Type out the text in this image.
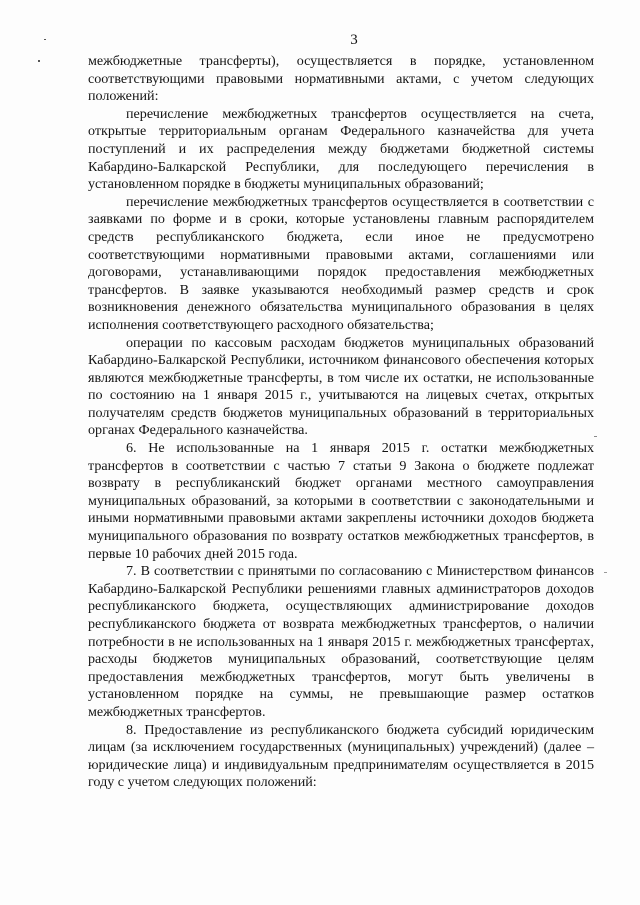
3

межбюджетные трансферты), осуществляется в порядке, установленном соответствующими правовыми нормативными актами, с учетом следующих положений:

перечисление межбюджетных трансфертов осуществляется на счета, открытые территориальным органам Федерального казначейства для учета поступлений и их распределения между бюджетами бюджетной системы Кабардино-Балкарской Республики, для последующего перечисления в установленном порядке в бюджеты муниципальных образований;

перечисление межбюджетных трансфертов осуществляется в соответствии с заявками по форме и в сроки, которые установлены главным распорядителем средств республиканского бюджета, если иное не предусмотрено соответствующими нормативными правовыми актами, соглашениями или договорами, устанавливающими порядок предоставления межбюджетных трансфертов. В заявке указываются необходимый размер средств и срок возникновения денежного обязательства муниципального образования в целях исполнения соответствующего расходного обязательства;

операции по кассовым расходам бюджетов муниципальных образований Кабардино-Балкарской Республики, источником финансового обеспечения которых являются межбюджетные трансферты, в том числе их остатки, не использованные по состоянию на 1 января 2015 г., учитываются на лицевых счетах, открытых получателям средств бюджетов муниципальных образований в территориальных органах Федерального казначейства.

6. Не использованные на 1 января 2015 г. остатки межбюджетных трансфертов в соответствии с частью 7 статьи 9 Закона о бюджете подлежат возврату в республиканский бюджет органами местного самоуправления муниципальных образований, за которыми в соответствии с законодательными и иными нормативными правовыми актами закреплены источники доходов бюджета муниципального образования по возврату остатков межбюджетных трансфертов, в первые 10 рабочих дней 2015 года.

7. В соответствии с принятыми по согласованию с Министерством финансов Кабардино-Балкарской Республики решениями главных администраторов доходов республиканского бюджета, осуществляющих администрирование доходов республиканского бюджета от возврата межбюджетных трансфертов, о наличии потребности в не использованных на 1 января 2015 г. межбюджетных трансфертах, расходы бюджетов муниципальных образований, соответствующие целям предоставления межбюджетных трансфертов, могут быть увеличены в установленном порядке на суммы, не превышающие размер остатков межбюджетных трансфертов.

8. Предоставление из республиканского бюджета субсидий юридическим лицам (за исключением государственных (муниципальных) учреждений) (далее – юридические лица) и индивидуальным предпринимателям осуществляется в 2015 году с учетом следующих положений:
